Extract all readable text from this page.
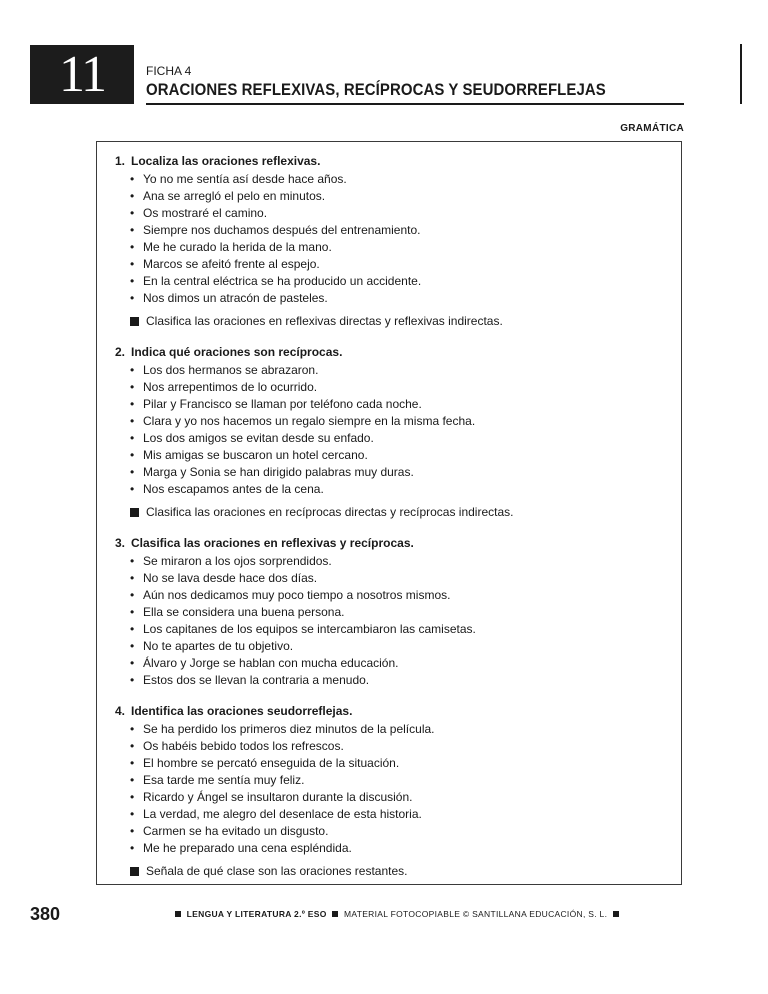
11	FICHA 4
ORACIONES REFLEXIVAS, RECÍPROCAS Y SEUDORREFLEJAS
GRAMÁTICA

1. Localiza las oraciones reflexivas.

• Yo no me sentía así desde hace años.
• Ana se arregló el pelo en minutos.
• Os mostraré el camino.
• Siempre nos duchamos después del entrenamiento.
• Me he curado la herida de la mano.
• Marcos se afeitó frente al espejo.
• En la central eléctrica se ha producido un accidente.
• Nos dimos un atracón de pasteles.
Clasifica las oraciones en reflexivas directas y reflexivas indirectas.

2. Indica qué oraciones son recíprocas.

• Los dos hermanos se abrazaron.
• Nos arrepentimos de lo ocurrido.
• Pilar y Francisco se llaman por teléfono cada noche.
• Clara y yo nos hacemos un regalo siempre en la misma fecha.
• Los dos amigos se evitan desde su enfado.
• Mis amigas se buscaron un hotel cercano.
• Marga y Sonia se han dirigido palabras muy duras.
• Nos escapamos antes de la cena.
Clasifica las oraciones en recíprocas directas y recíprocas indirectas.

3. Clasifica las oraciones en reflexivas y recíprocas.

• Se miraron a los ojos sorprendidos.
• No se lava desde hace dos días.
• Aún nos dedicamos muy poco tiempo a nosotros mismos.
• Ella se considera una buena persona.
• Los capitanes de los equipos se intercambiaron las camisetas.
• No te apartes de tu objetivo.
• Álvaro y Jorge se hablan con mucha educación.
• Estos dos se llevan la contraria a menudo.

4. Identifica las oraciones seudorreflejas.

• Se ha perdido los primeros diez minutos de la película.
• Os habéis bebido todos los refrescos.
• El hombre se percató enseguida de la situación.
• Esa tarde me sentía muy feliz.
• Ricardo y Ángel se insultaron durante la discusión.
• La verdad, me alegro del desenlace de esta historia.
• Carmen se ha evitado un disgusto.
• Me he preparado una cena espléndida.
Señala de qué clase son las oraciones restantes.
380	LENGUA Y LITERATURA 2.º ESO MATERIAL FOTOCOPIABLE © SANTILLANA EDUCACIÓN, S. L.
